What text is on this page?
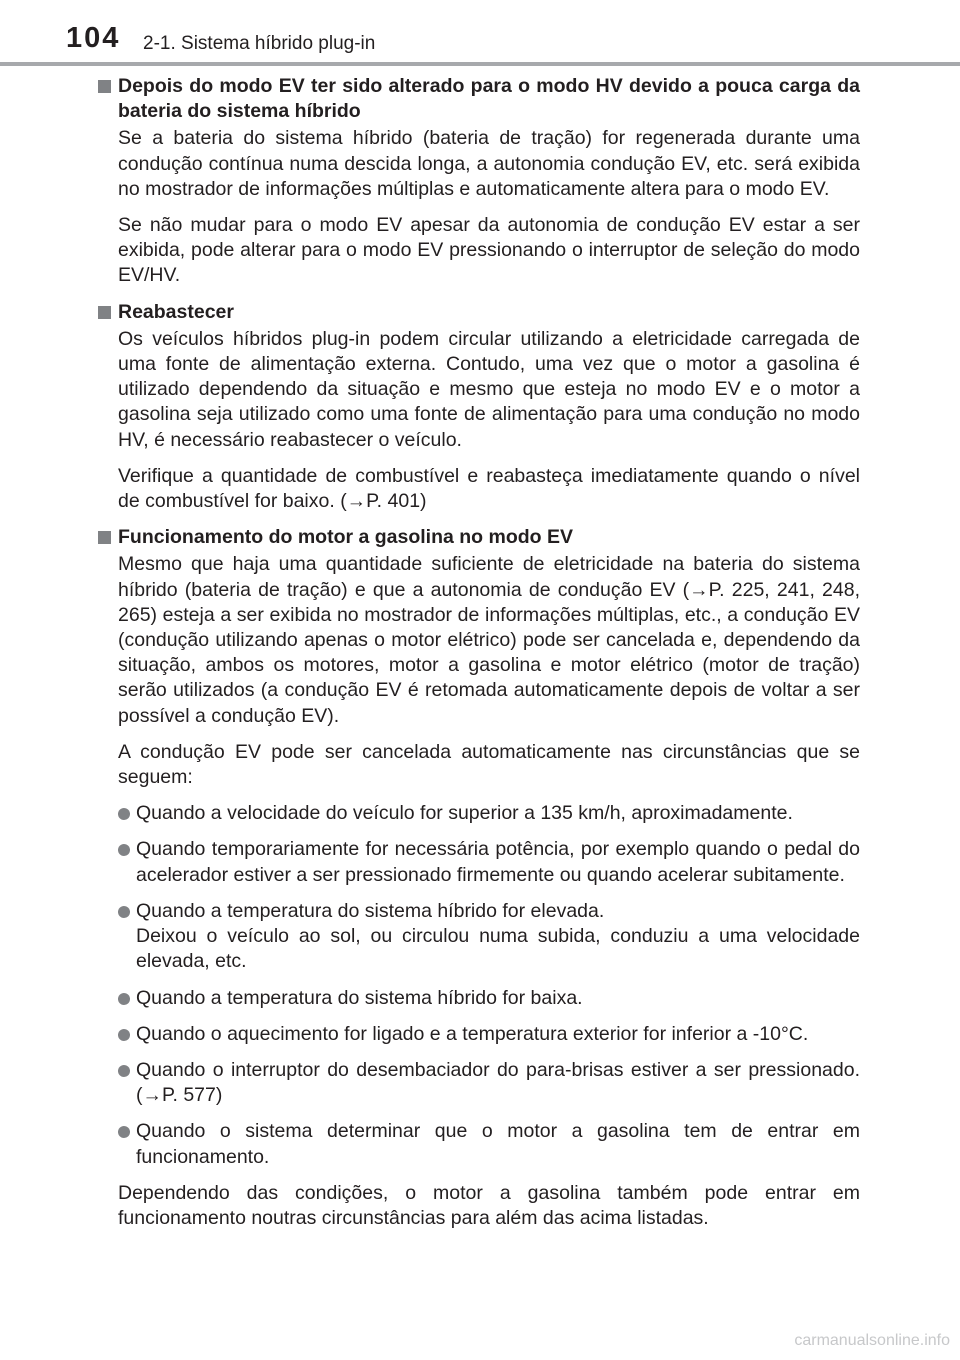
104 2-1. Sistema híbrido plug-in

Depois do modo EV ter sido alterado para o modo HV devido a pouca carga da bateria do sistema híbrido

Se a bateria do sistema híbrido (bateria de tração) for regenerada durante uma condução contínua numa descida longa, a autonomia condução EV, etc. será exibida no mostrador de informações múltiplas e automaticamente altera para o modo EV.

Se não mudar para o modo EV apesar da autonomia de condução EV estar a ser exibida, pode alterar para o modo EV pressionando o interruptor de seleção do modo EV/HV.

Reabastecer

Os veículos híbridos plug-in podem circular utilizando a eletricidade carregada de uma fonte de alimentação externa. Contudo, uma vez que o motor a gasolina é utilizado dependendo da situação e mesmo que esteja no modo EV e o motor a gasolina seja utilizado como uma fonte de alimentação para uma condução no modo HV, é necessário reabastecer o veículo.

Verifique a quantidade de combustível e reabasteça imediatamente quando o nível de combustível for baixo. (→P. 401)

Funcionamento do motor a gasolina no modo EV

Mesmo que haja uma quantidade suficiente de eletricidade na bateria do sistema híbrido (bateria de tração) e que a autonomia de condução EV (→P. 225, 241, 248, 265) esteja a ser exibida no mostrador de informações múltiplas, etc., a condução EV (condução utilizando apenas o motor elétrico) pode ser cancelada e, dependendo da situação, ambos os motores, motor a gasolina e motor elétrico (motor de tração) serão utilizados (a condução EV é retomada automaticamente depois de voltar a ser possível a condução EV).

A condução EV pode ser cancelada automaticamente nas circunstâncias que se seguem:

Quando a velocidade do veículo for superior a 135 km/h, aproximadamente.
Quando temporariamente for necessária potência, por exemplo quando o pedal do acelerador estiver a ser pressionado firmemente ou quando acelerar subitamente.
Quando a temperatura do sistema híbrido for elevada.
Deixou o veículo ao sol, ou circulou numa subida, conduziu a uma velocidade elevada, etc.
Quando a temperatura do sistema híbrido for baixa.
Quando o aquecimento for ligado e a temperatura exterior for inferior a -10°C.
Quando o interruptor do desembaciador do para-brisas estiver a ser pressionado. (→P. 577)
Quando o sistema determinar que o motor a gasolina tem de entrar em funcionamento.

Dependendo das condições, o motor a gasolina também pode entrar em funcionamento noutras circunstâncias para além das acima listadas.

carmanualsonline.info
